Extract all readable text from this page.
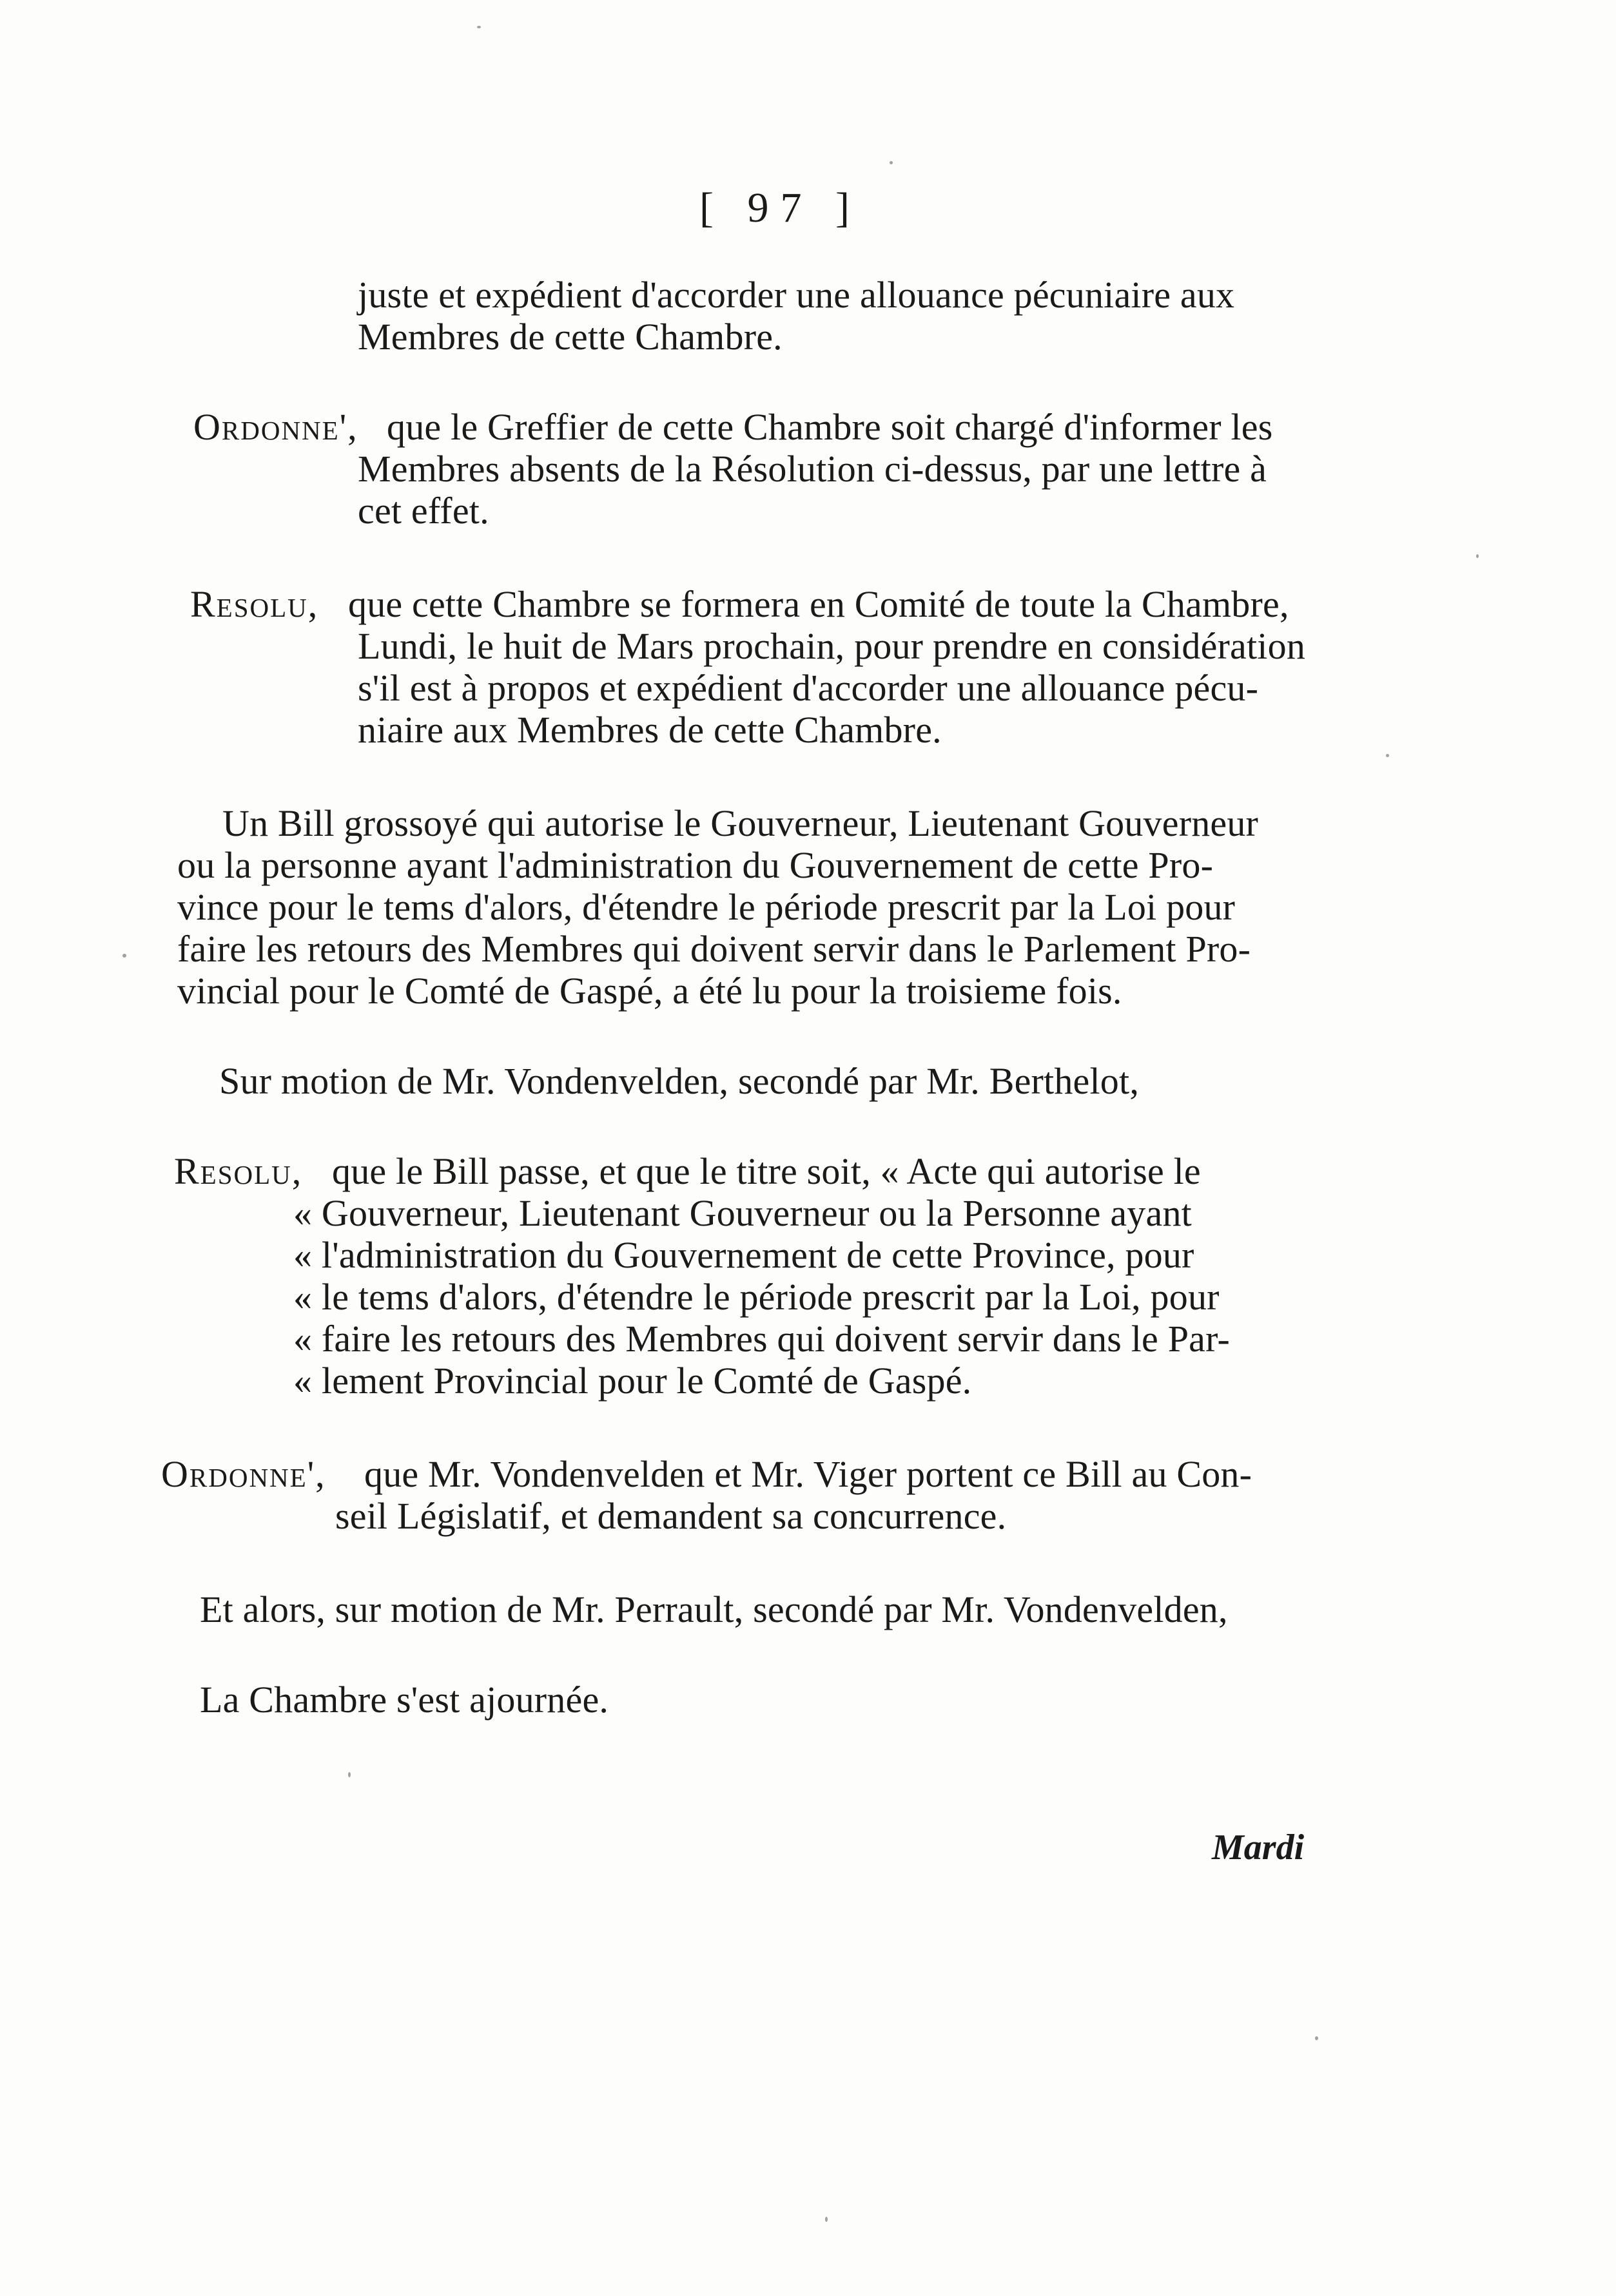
[ 97 ]
juste et expédient d'accorder une allouance pécuniaire aux
Membres de cette Chambre.
Ordonne', que le Greffier de cette Chambre soit chargé d'informer les
Membres absents de la Résolution ci-dessus, par une lettre à
cet effet.
Resolu, que cette Chambre se formera en Comité de toute la Chambre,
Lundi, le huit de Mars prochain, pour prendre en considération
s'il est à propos et expédient d'accorder une allouance pécu-
niaire aux Membres de cette Chambre.
Un Bill grossoyé qui autorise le Gouverneur, Lieutenant Gouverneur
ou la personne ayant l'administration du Gouvernement de cette Pro-
vince pour le tems d'alors, d'étendre le période prescrit par la Loi pour
faire les retours des Membres qui doivent servir dans le Parlement Pro-
vincial pour le Comté de Gaspé, a été lu pour la troisieme fois.
Sur motion de Mr. Vondenvelden, secondé par Mr. Berthelot,
Resolu, que le Bill passe, et que le titre soit, « Acte qui autorise le
« Gouverneur, Lieutenant Gouverneur ou la Personne ayant
« l'administration du Gouvernement de cette Province, pour
« le tems d'alors, d'étendre le période prescrit par la Loi, pour
« faire les retours des Membres qui doivent servir dans le Par-
« lement Provincial pour le Comté de Gaspé.
Ordonne', que Mr. Vondenvelden et Mr. Viger portent ce Bill au Con-
seil Législatif, et demandent sa concurrence.
Et alors, sur motion de Mr. Perrault, secondé par Mr. Vondenvelden,
La Chambre s'est ajournée.
Mardi
